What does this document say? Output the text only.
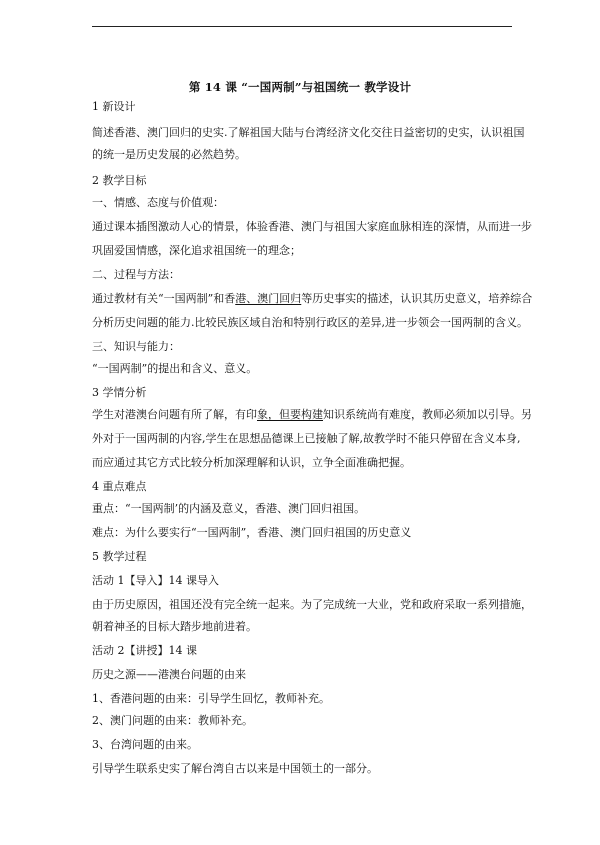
第 14 课 “一国两制”与祖国统一 教学设计
1 新设计
简述香港、澳门回归的史实.了解祖国大陆与台湾经济文化交往日益密切的史实，认识祖国
的统一是历史发展的必然趋势。
2 教学目标
一、情感、态度与价值观：
通过课本插图激动人心的情景，体验香港、澳门与祖国大家庭血脉相连的深情，从而进一步
巩固爱国情感，深化追求祖国统一的理念；
二、过程与方法：
通过教材有关“一国两制”和香港、澳门回归等历史事实的描述，认识其历史意义，培养综合
分析历史问题的能力.比较民族区域自治和特别行政区的差异,进一步领会一国两制的含义。
三、知识与能力：
“一国两制”的提出和含义、意义。
3 学情分析
学生对港澳台问题有所了解，有印象，但要构建知识系统尚有难度，教师必须加以引导。另
外对于一国两制的内容,学生在思想品德课上已接触了解,故教学时不能只停留在含义本身,
而应通过其它方式比较分析加深理解和认识，立争全面准确把握。
4 重点难点
重点：“一国两制’的内涵及意义，香港、澳门回归祖国。
难点：为什么要实行“一国两制”，香港、澳门回归祖国的历史意义
5 教学过程
活动 1【导入】14 课导入
由于历史原因，祖国还没有完全统一起来。为了完成统一大业，党和政府采取一系列措施，
朝着神圣的目标大踏步地前进着。
活动 2【讲授】14 课
历史之源——港澳台问题的由来
1、香港问题的由来：引导学生回忆，教师补充。
2、澳门问题的由来：教师补充。
3、台湾问题的由来。
引导学生联系史实了解台湾自古以来是中国领土的一部分。
